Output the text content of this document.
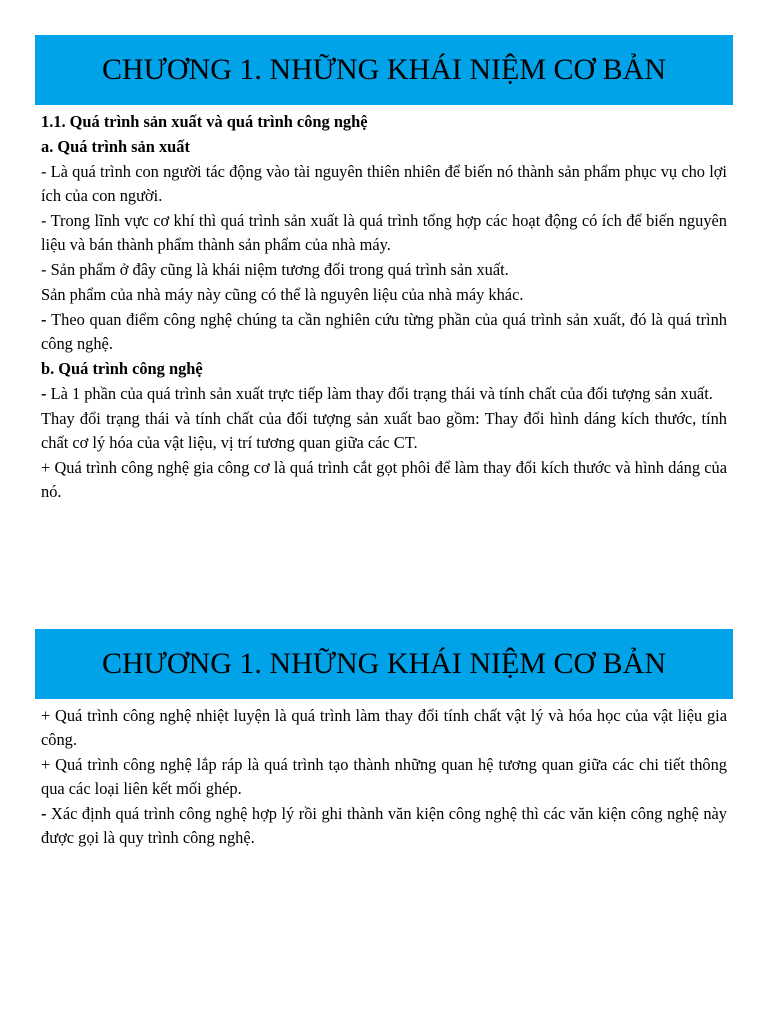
CHƯƠNG 1. NHỮNG KHÁI NIỆM CƠ BẢN

1.1. Quá trình sản xuất và quá trình công nghệ

a. Quá trình sản xuất

- Là quá trình con người tác động vào tài nguyên thiên nhiên để biến nó thành sản phẩm phục vụ cho lợi ích của con người.

- Trong lĩnh vực cơ khí thì quá trình sản xuất là quá trình tổng hợp các hoạt động có ích để biến nguyên liệu và bán thành phẩm thành sản phẩm của nhà máy.

- Sản phẩm ở đây cũng là khái niệm tương đối trong quá trình sản xuất.

Sản phẩm của nhà máy này cũng có thể là nguyên liệu của nhà máy khác.

- Theo quan điểm công nghệ chúng ta cần nghiên cứu từng phần của quá trình sản xuất, đó là quá trình công nghệ.

b. Quá trình công nghệ

- Là 1 phần của quá trình sản xuất trực tiếp làm thay đổi trạng thái và tính chất của đối tượng sản xuất.

Thay đổi trạng thái và tính chất của đối tượng sản xuất bao gồm: Thay đổi hình dáng kích thước, tính chất cơ lý hóa của vật liệu, vị trí tương quan giữa các CT.

+ Quá trình công nghệ gia công cơ là quá trình cắt gọt phôi để làm thay đổi kích thước và hình dáng của nó.

CHƯƠNG 1. NHỮNG KHÁI NIỆM CƠ BẢN

+ Quá trình công nghệ nhiệt luyện là quá trình làm thay đổi tính chất vật lý và hóa học của vật liệu gia công.

+ Quá trình công nghệ lắp ráp là quá trình tạo thành những quan hệ tương quan giữa các chi tiết thông qua các loại liên kết mối ghép.

- Xác định quá trình công nghệ hợp lý rồi ghi thành văn kiện công nghệ thì các văn kiện công nghệ này được gọi là quy trình công nghệ.
